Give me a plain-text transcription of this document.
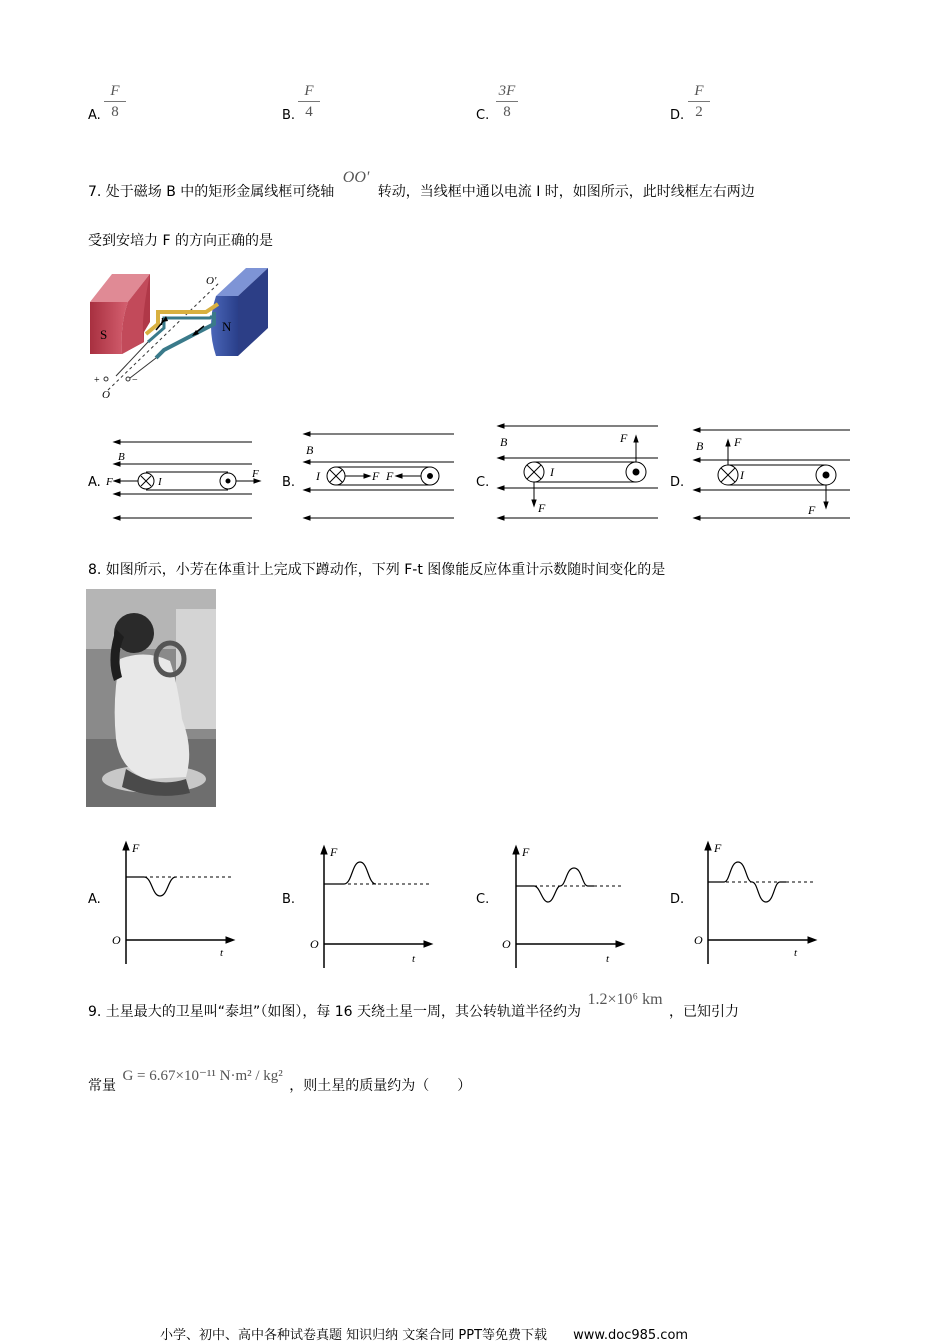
A.
F
8	B.
F
4	C.
3F
8	D.
F
2
7. 处于磁场 B 中的矩形金属线框可绕轴 OO' 转动，当线框中通以电流 I 时，如图所示，此时线框左右两边
受到安培力 F 的方向正确的是
S
N
O'
O
I
+	−
A.
B
F	I
F
B.
B
I	F F	C.
B
I
F
F
D.
B	F
I
F
8. 如图所示，小芳在体重计上完成下蹲动作，下列 F-t 图像能反应体重计示数随时间变化的是
A.
F
O
t
B.
F
O
t
C.
F
O
t
D.
F
O
t
9. 土星最大的卫星叫“泰坦”（如图），每 16 天绕土星一周，其公转轨道半径约为 1.2×10⁶ km ，已知引力
常量 G = 6.67×10⁻¹¹ N·m² / kg² ，则土星的质量约为（　　）
小学、初中、高中各种试卷真题 知识归纳 文案合同 PPT等免费下载 www.doc985.com
